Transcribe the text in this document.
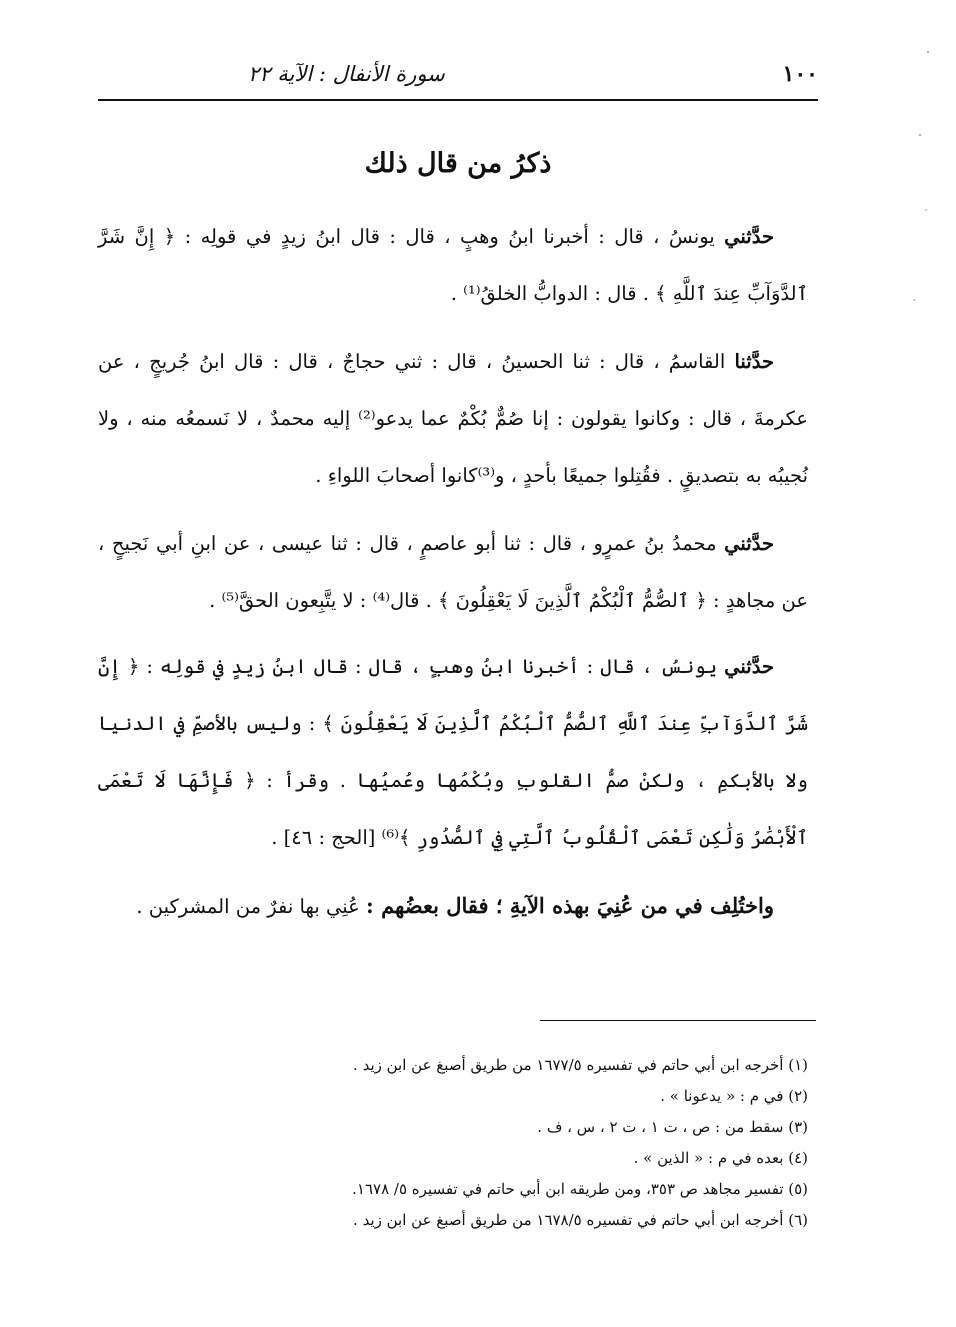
١٠٠
سورة الأنفال : الآية ٢٢
ذكرُ من قال ذلك

حدَّثني يونسُ ، قال : أخبرنا ابنُ وهبٍ ، قال : قال ابنُ زيدٍ في قولِه : ﴿ إِنَّ شَرَّ ٱلدَّوَآبِّ عِندَ ٱللَّهِ ﴾ . قال : الدوابُّ الخلقُ⁽¹⁾ .

حدَّثنا القاسمُ ، قال : ثنا الحسينُ ، قال : ثني حجاجٌ ، قال : قال ابنُ جُريجٍ ، عن عكرمةَ ، قال : وكانوا يقولون : إنا صُمٌّ بُكْمٌ عما يدعو⁽²⁾ إليه محمدٌ ، لا نَسمعُه منه ، ولا نُجيبُه به بتصديقٍ . فقُتِلوا جميعًا بأحدٍ ، و⁽³⁾كانوا أصحابَ اللواءِ .

حدَّثني محمدُ بنُ عمرٍو ، قال : ثنا أبو عاصمٍ ، قال : ثنا عيسى ، عن ابنِ أبي نَجيحٍ ، عن مجاهدٍ : ﴿ ٱلصُّمُّ ٱلْبُكْمُ ٱلَّذِينَ لَا يَعْقِلُونَ ﴾ . قال⁽⁴⁾ : لا يتَّبِعون الحقَّ⁽⁵⁾ .

حدَّثني يونسُ ، قال : أخبرنا ابنُ وهبٍ ، قال : قال ابنُ زيدٍ في قولِه : ﴿ إِنَّ شَرَّ ٱلدَّوَآبِّ عِندَ ٱللَّهِ ٱلصُّمُّ ٱلْبُكْمُ ٱلَّذِينَ لَا يَعْقِلُونَ ﴾ : وليس بالأصمِّ في الدنيا ولا بالأبكمِ ، ولكنْ صمُّ القلوبِ وبُكْمُها وعُميُها . وقرأ : ﴿ فَإِنَّهَا لَا تَعْمَى ٱلْأَبْصَٰرُ وَلَٰكِن تَعْمَى ٱلْقُلُوبُ ٱلَّتِي فِي ٱلصُّدُورِ ﴾⁽⁶⁾ [الحج : ٤٦] .

واختُلِف في من عُنِيَ بهذه الآيةِ ؛ فقال بعضُهم : عُنِي بها نفرٌ من المشركين .

(١) أخرجه ابن أبي حاتم في تفسيره ١٦٧٧/٥ من طريق أصبغ عن ابن زيد .

(٢) في م : « يدعونا » .

(٣) سقط من : ص ، ت ١ ، ت ٢ ، س ، ف .

(٤) بعده في م : « الذين » .

(٥) تفسير مجاهد ص ٣٥٣، ومن طريقه ابن أبي حاتم في تفسيره ٥/ ١٦٧٨.

(٦) أخرجه ابن أبي حاتم في تفسيره ١٦٧٨/٥ من طريق أصبغ عن ابن زيد .
